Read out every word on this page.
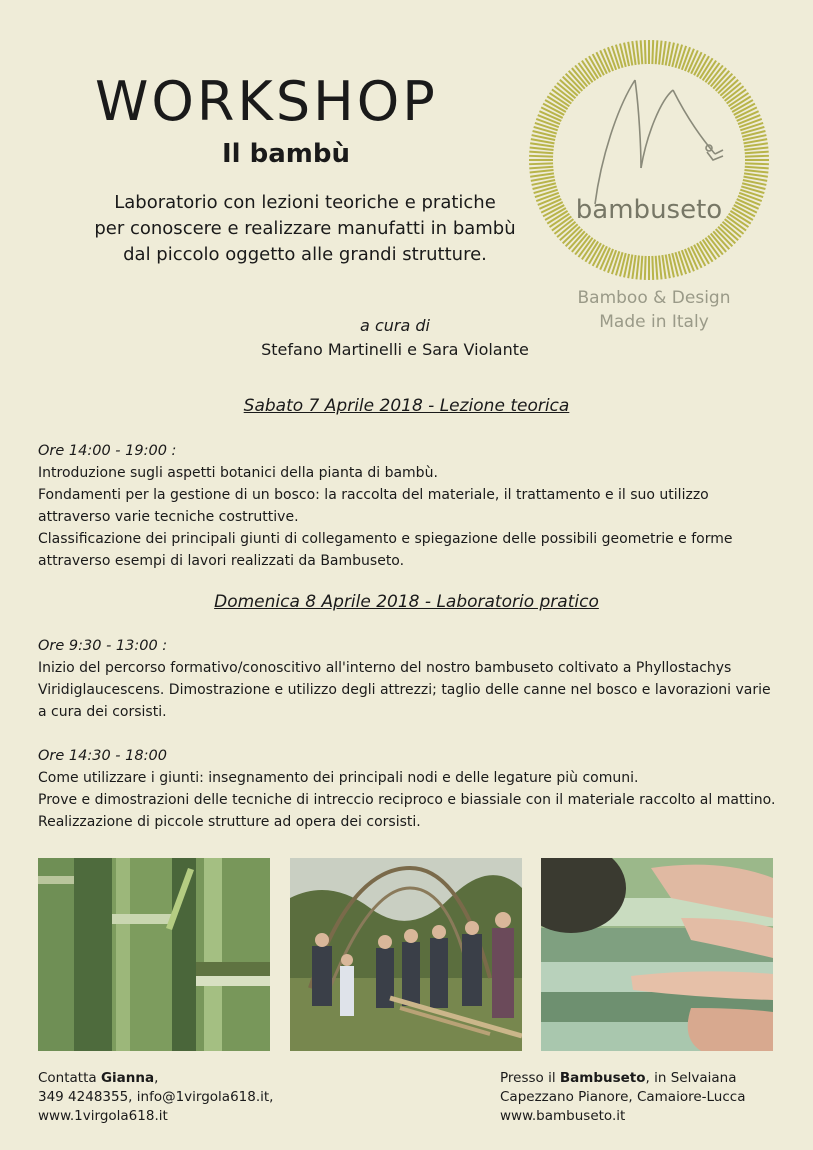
WORKSHOP
Il bambù
Laboratorio con lezioni teoriche e pratiche
per conoscere e realizzare manufatti in bambù
dal piccolo oggetto alle grandi strutture.
a cura di
Stefano Martinelli e Sara Violante
bambuseto
Bamboo & Design
Made in Italy
Sabato 7 Aprile 2018 - Lezione teorica
Ore 14:00 - 19:00 :

Introduzione sugli aspetti botanici della pianta di bambù.

Fondamenti per la gestione di un bosco: la raccolta del materiale, il trattamento e il suo utilizzo attraverso varie tecniche costruttive.

Classificazione dei principali giunti di collegamento e spiegazione delle possibili geometrie e forme attraverso esempi di lavori realizzati da Bambuseto.

Domenica 8 Aprile 2018 - Laboratorio pratico
Ore 9:30 - 13:00 :

Inizio del percorso formativo/conoscitivo all'interno del nostro bambuseto coltivato a Phyllostachys Viridiglaucescens. Dimostrazione e utilizzo degli attrezzi; taglio delle canne nel bosco e lavorazioni varie a cura dei corsisti.

Ore 14:30 - 18:00

Come utilizzare i giunti: insegnamento dei principali nodi e delle legature più comuni.

Prove e dimostrazioni delle tecniche di intreccio reciproco e biassiale con il materiale raccolto al mattino. Realizzazione di piccole strutture ad opera dei corsisti.

Contatta Gianna,
349 4248355, info@1virgola618.it,
www.1virgola618.it
Presso il Bambuseto, in Selvaiana
Capezzano Pianore, Camaiore-Lucca
www.bambuseto.it
